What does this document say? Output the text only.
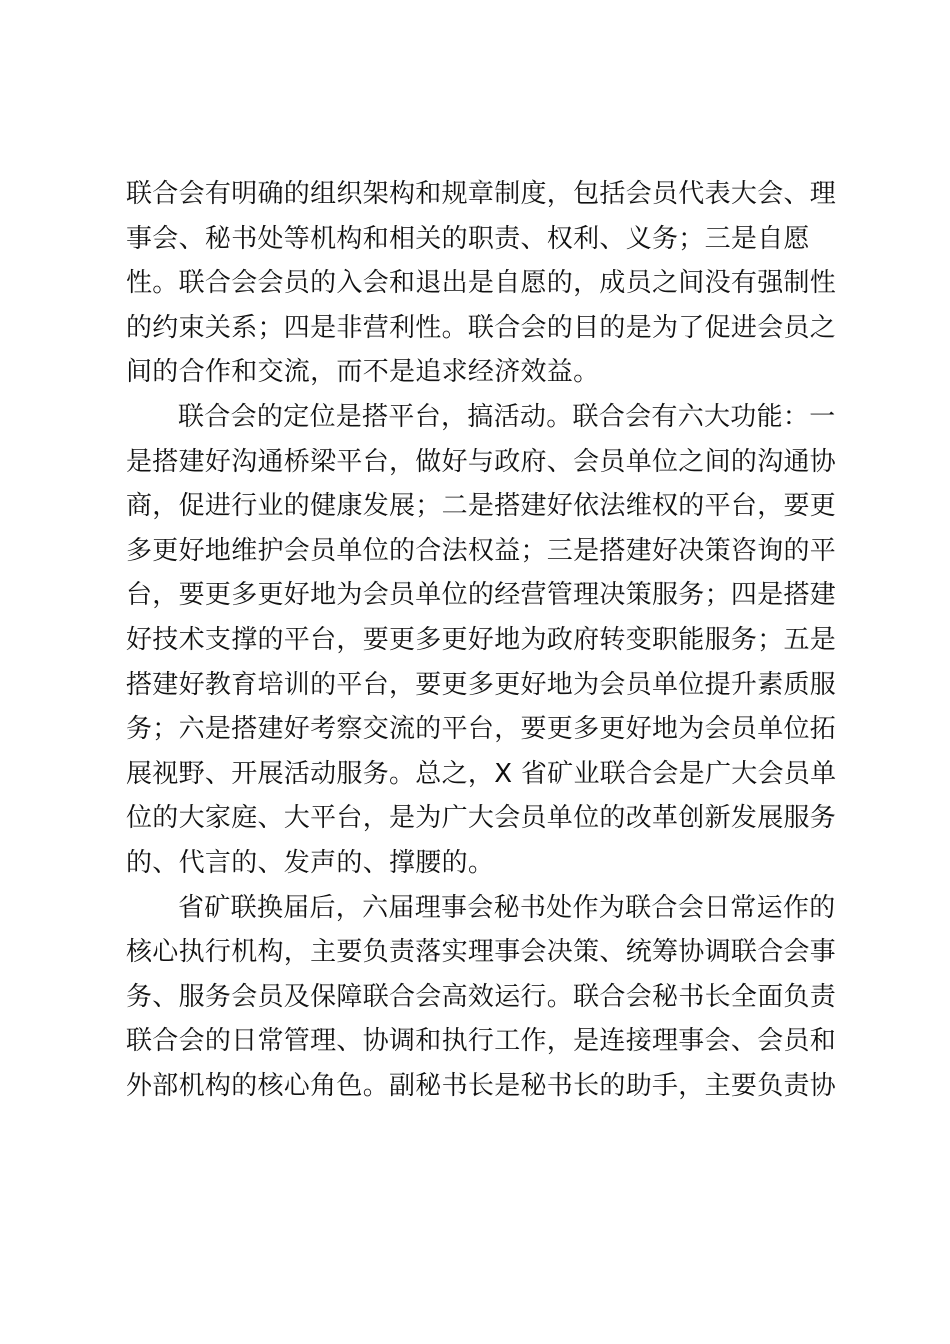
联合会有明确的组织架构和规章制度，包括会员代表大会、理
事会、秘书处等机构和相关的职责、权利、义务；三是自愿
性。联合会会员的入会和退出是自愿的，成员之间没有强制性
的约束关系；四是非营利性。联合会的目的是为了促进会员之
间的合作和交流，而不是追求经济效益。
联合会的定位是搭平台，搞活动。联合会有六大功能：一
是搭建好沟通桥梁平台，做好与政府、会员单位之间的沟通协
商，促进行业的健康发展；二是搭建好依法维权的平台，要更
多更好地维护会员单位的合法权益；三是搭建好决策咨询的平
台，要更多更好地为会员单位的经营管理决策服务；四是搭建
好技术支撑的平台，要更多更好地为政府转变职能服务；五是
搭建好教育培训的平台，要更多更好地为会员单位提升素质服
务；六是搭建好考察交流的平台，要更多更好地为会员单位拓
展视野、开展活动服务。总之，X 省矿业联合会是广大会员单
位的大家庭、大平台，是为广大会员单位的改革创新发展服务
的、代言的、发声的、撑腰的。
省矿联换届后，六届理事会秘书处作为联合会日常运作的
核心执行机构，主要负责落实理事会决策、统筹协调联合会事
务、服务会员及保障联合会高效运行。联合会秘书长全面负责
联合会的日常管理、协调和执行工作，是连接理事会、会员和
外部机构的核心角色。副秘书长是秘书长的助手，主要负责协
